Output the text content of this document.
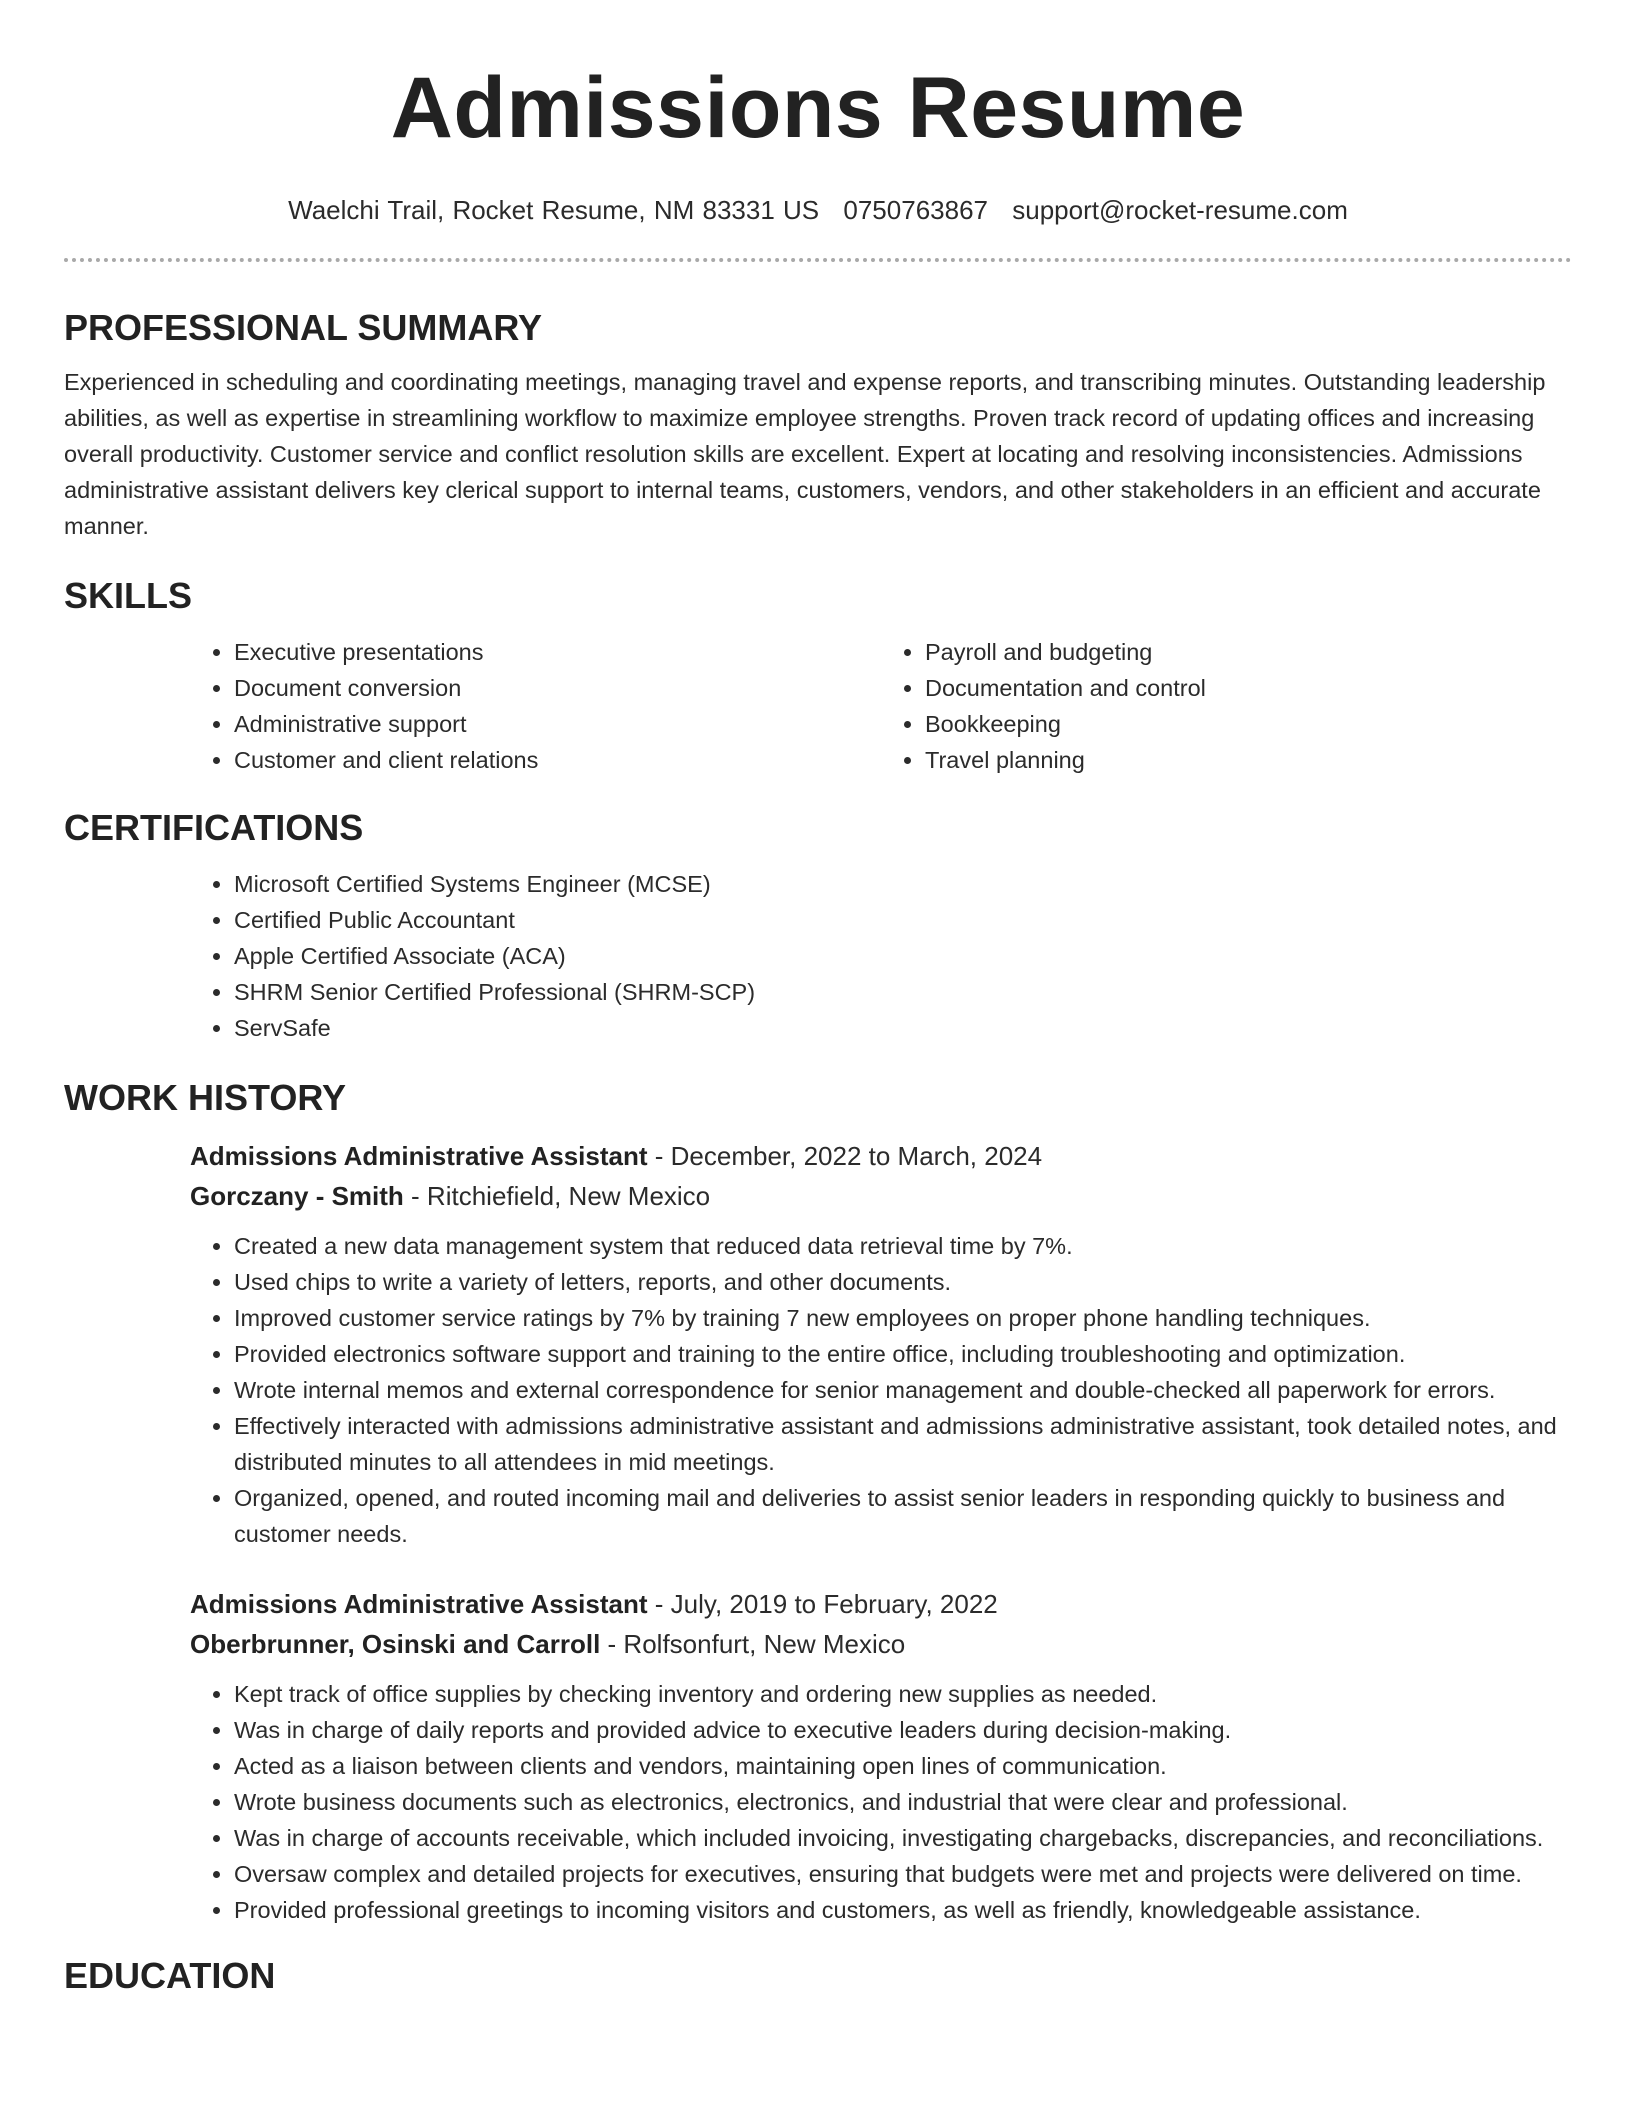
Admissions Resume
Waelchi Trail, Rocket Resume, NM 83331 US 0750763867 support@rocket-resume.com
PROFESSIONAL SUMMARY

Experienced in scheduling and coordinating meetings, managing travel and expense reports, and transcribing minutes. Outstanding leadership abilities, as well as expertise in streamlining workflow to maximize employee strengths. Proven track record of updating offices and increasing overall productivity. Customer service and conflict resolution skills are excellent. Expert at locating and resolving inconsistencies. Admissions administrative assistant delivers key clerical support to internal teams, customers, vendors, and other stakeholders in an efficient and accurate manner.

SKILLS
• Executive presentations
• Document conversion
• Administrative support
• Customer and client relations
• Payroll and budgeting
• Documentation and control
• Bookkeeping
• Travel planning
CERTIFICATIONS
• Microsoft Certified Systems Engineer (MCSE)
• Certified Public Accountant
• Apple Certified Associate (ACA)
• SHRM Senior Certified Professional (SHRM-SCP)
• ServSafe
WORK HISTORY
Admissions Administrative Assistant - December, 2022 to March, 2024
Gorczany - Smith - Ritchiefield, New Mexico
• Created a new data management system that reduced data retrieval time by 7%.
• Used chips to write a variety of letters, reports, and other documents.
• Improved customer service ratings by 7% by training 7 new employees on proper phone handling techniques.
• Provided electronics software support and training to the entire office, including troubleshooting and optimization.
• Wrote internal memos and external correspondence for senior management and double-checked all paperwork for errors.
• Effectively interacted with admissions administrative assistant and admissions administrative assistant, took detailed notes, and distributed minutes to all attendees in mid meetings.
• Organized, opened, and routed incoming mail and deliveries to assist senior leaders in responding quickly to business and customer needs.
Admissions Administrative Assistant - July, 2019 to February, 2022
Oberbrunner, Osinski and Carroll - Rolfsonfurt, New Mexico
• Kept track of office supplies by checking inventory and ordering new supplies as needed.
• Was in charge of daily reports and provided advice to executive leaders during decision-making.
• Acted as a liaison between clients and vendors, maintaining open lines of communication.
• Wrote business documents such as electronics, electronics, and industrial that were clear and professional.
• Was in charge of accounts receivable, which included invoicing, investigating chargebacks, discrepancies, and reconciliations.
• Oversaw complex and detailed projects for executives, ensuring that budgets were met and projects were delivered on time.
• Provided professional greetings to incoming visitors and customers, as well as friendly, knowledgeable assistance.
EDUCATION
